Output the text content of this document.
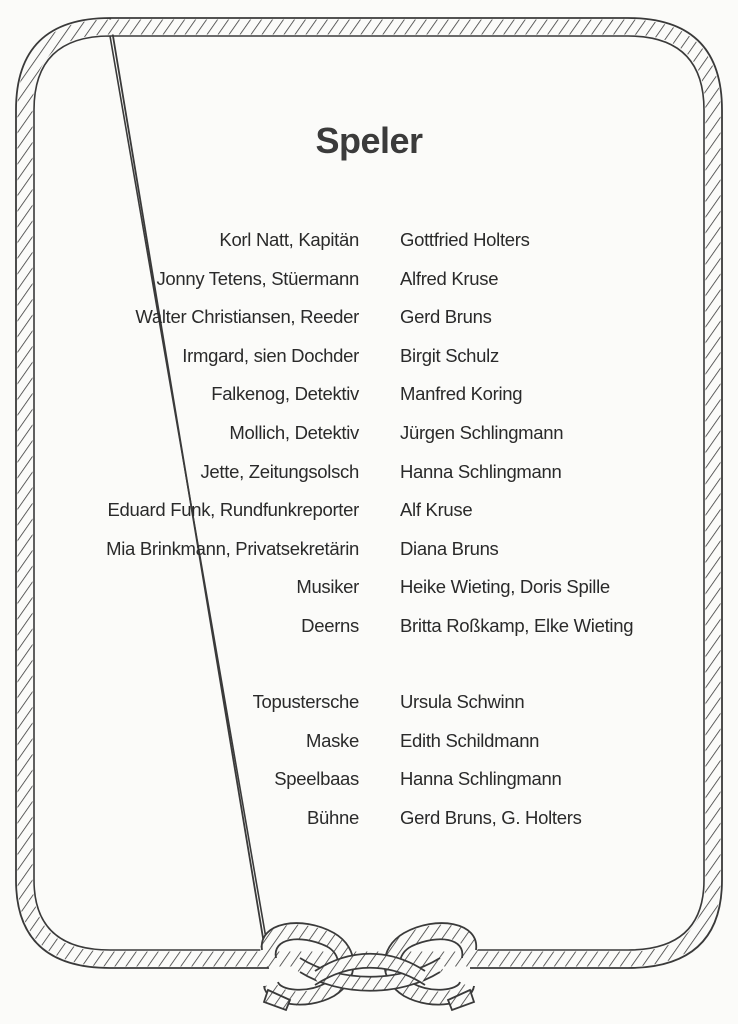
Speler
Korl Natt, Kapitän Gottfried Holters
Jonny Tetens, Stüermann Alfred Kruse
Walter Christiansen, Reeder Gerd Bruns
Irmgard, sien Dochder Birgit Schulz
Falkenog, Detektiv Manfred Koring
Mollich, Detektiv Jürgen Schlingmann
Jette, Zeitungsolsch Hanna Schlingmann
Eduard Funk, Rundfunkreporter Alf Kruse
Mia Brinkmann, Privatsekretärin Diana Bruns
Musiker Heike Wieting, Doris Spille
Deerns Britta Roßkamp, Elke Wieting
Topustersche Ursula Schwinn
Maske Edith Schildmann
Speelbaas Hanna Schlingmann
Bühne Gerd Bruns, G. Holters
